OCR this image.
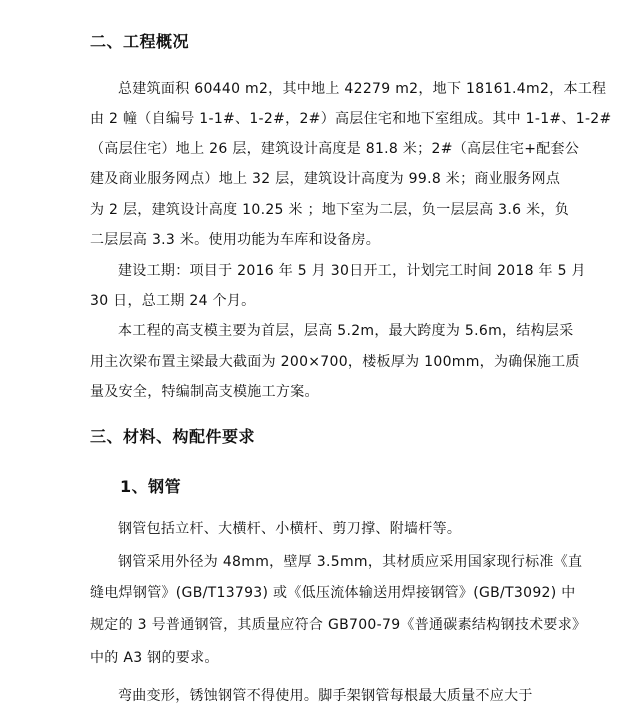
二、工程概况

总建筑面积 60440 m2，其中地上 42279 m2，地下 18161.4m2，本工程

由 2 幢（自编号 1-1#、1-2#，2#）高层住宅和地下室组成。其中 1-1#、1-2#

（高层住宅）地上 26 层，建筑设计高度是 81.8 米；2#（高层住宅+配套公

建及商业服务网点）地上 32 层，建筑设计高度为 99.8 米；商业服务网点

为 2 层，建筑设计高度 10.25 米 ；地下室为二层，负一层层高 3.6 米，负

二层层高 3.3 米。使用功能为车库和设备房。

建设工期：项目于 2016 年 5 月 30日开工，计划完工时间 2018 年 5 月

30 日，总工期 24 个月。

本工程的高支模主要为首层，层高 5.2m，最大跨度为 5.6m，结构层采

用主次梁布置主梁最大截面为 200×700，楼板厚为 100mm，为确保施工质

量及安全，特编制高支模施工方案。

三、材料、构配件要求
1、钢管

钢管包括立杆、大横杆、小横杆、剪刀撑、附墙杆等。

钢管采用外径为 48mm，壁厚 3.5mm，其材质应采用国家现行标准《直

缝电焊钢管》(GB/T13793) 或《低压流体输送用焊接钢管》(GB/T3092) 中

规定的 3 号普通钢管，其质量应符合 GB700-79《普通碳素结构钢技术要求》

中的 A3 钢的要求。

弯曲变形，锈蚀钢管不得使用。脚手架钢管每根最大质量不应大于
